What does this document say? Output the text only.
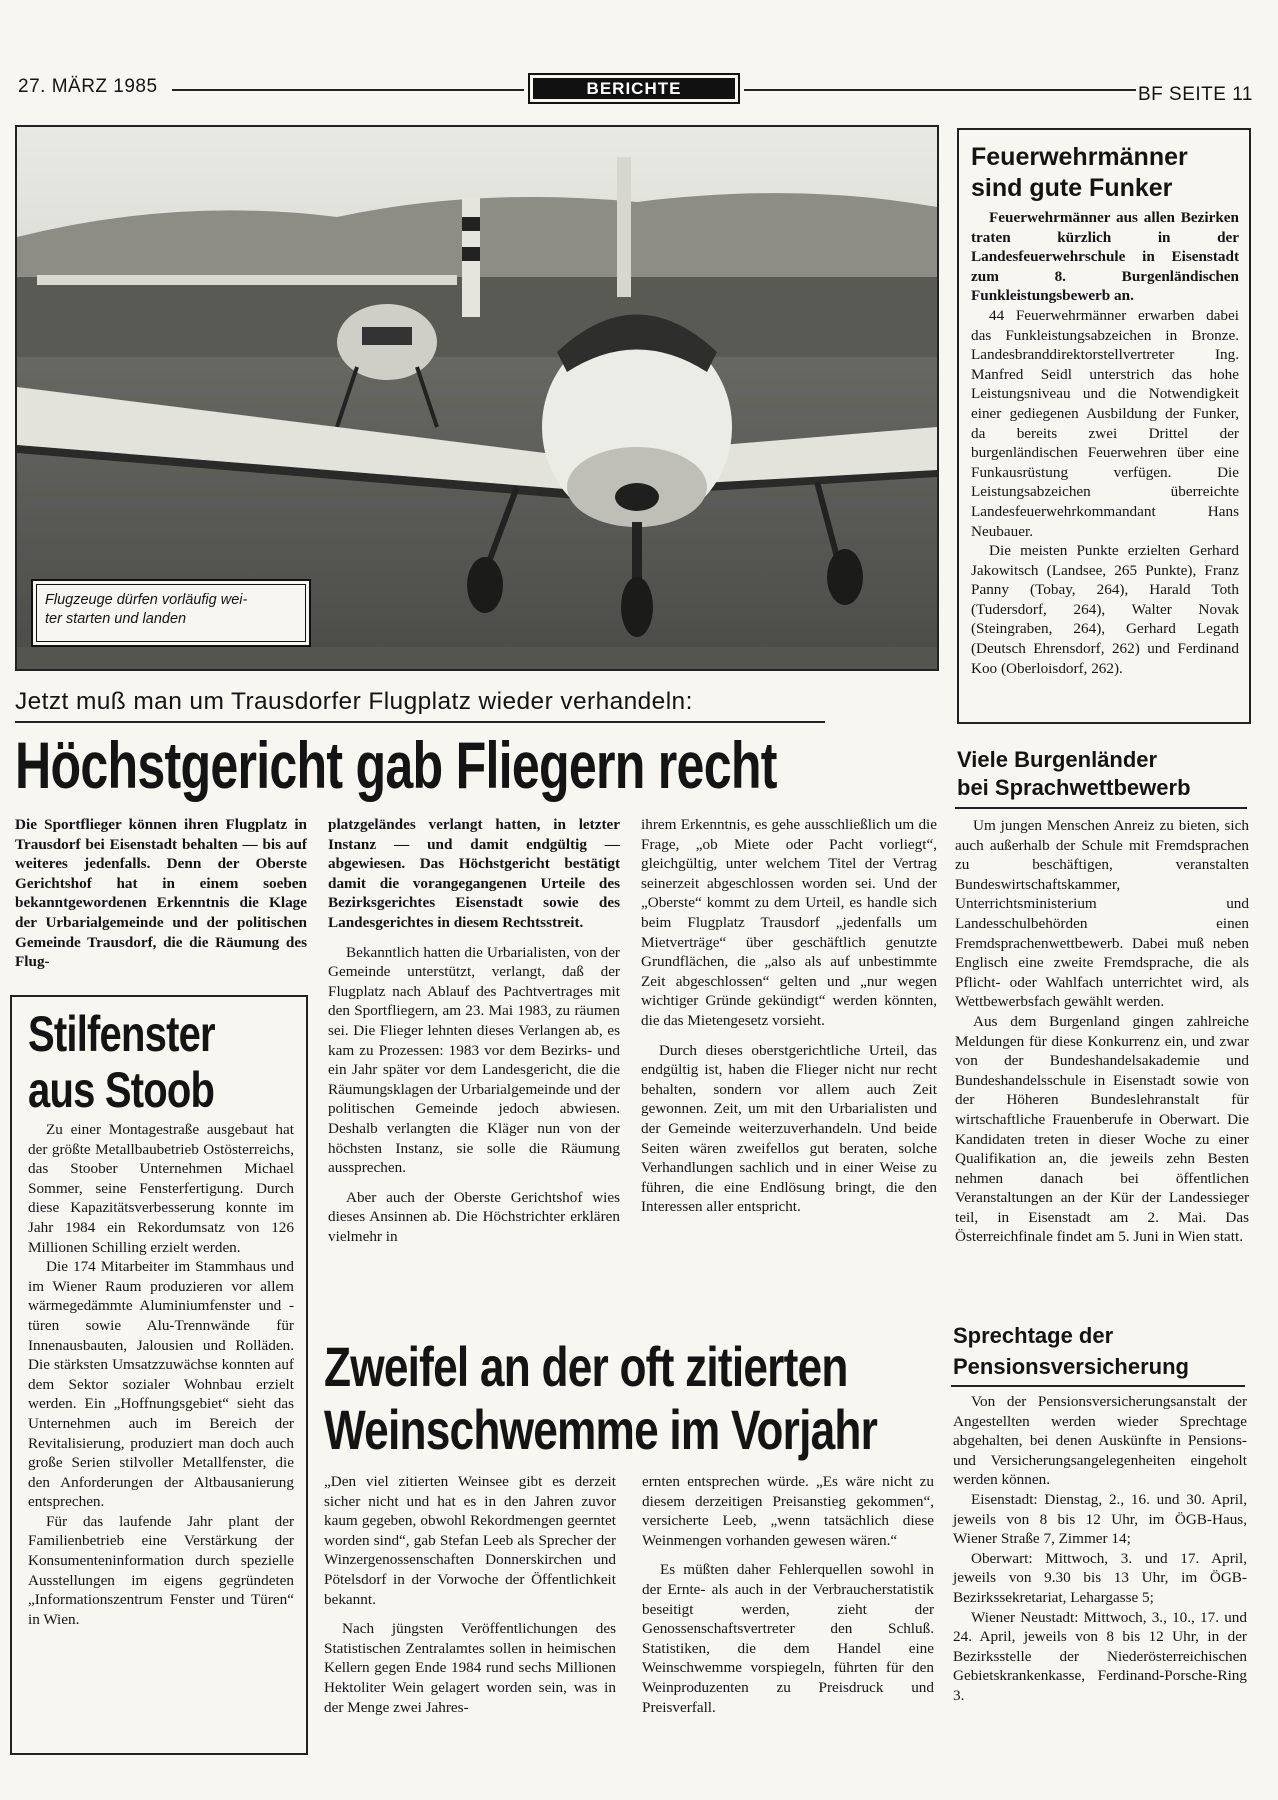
27. MÄRZ 1985	BERICHTE	BF SEITE 11
Flugzeuge dürfen vorläufig wei-
ter starten und landen
Jetzt muß man um Trausdorfer Flugplatz wieder verhandeln:
Höchstgericht gab Fliegern recht

Die Sportflieger können ihren Flugplatz in Trausdorf bei Eisenstadt behalten — bis auf weiteres jedenfalls. Denn der Oberste Gerichtshof hat in einem soeben bekanntgewordenen Erkenntnis die Klage der Urbarialgemeinde und der politischen Gemeinde Trausdorf, die die Räumung des Flug-

platzgeländes verlangt hatten, in letzter Instanz — und damit endgültig — abgewiesen. Das Höchstgericht bestätigt damit die vorangegangenen Urteile des Bezirksgerichtes Eisenstadt sowie des Landesgerichtes in diesem Rechtsstreit.

Bekanntlich hatten die Urbarialisten, von der Gemeinde unterstützt, verlangt, daß der Flugplatz nach Ablauf des Pachtvertrages mit den Sportfliegern, am 23. Mai 1983, zu räumen sei. Die Flieger lehnten dieses Verlangen ab, es kam zu Prozessen: 1983 vor dem Bezirks- und ein Jahr später vor dem Landesgericht, die die Räumungsklagen der Urbarialgemeinde und der politischen Gemeinde jedoch abwiesen. Deshalb verlangten die Kläger nun von der höchsten Instanz, sie solle die Räumung aussprechen.

Aber auch der Oberste Gerichtshof wies dieses Ansinnen ab. Die Höchstrichter erklären vielmehr in

ihrem Erkenntnis, es gehe ausschließlich um die Frage, „ob Miete oder Pacht vorliegt“, gleichgültig, unter welchem Titel der Vertrag seinerzeit abgeschlossen worden sei. Und der „Oberste“ kommt zu dem Urteil, es handle sich beim Flugplatz Trausdorf „jedenfalls um Mietverträge“ über geschäftlich genutzte Grundflächen, die „also als auf unbestimmte Zeit abgeschlossen“ gelten und „nur wegen wichtiger Gründe gekündigt“ werden könnten, die das Mietengesetz vorsieht.

Durch dieses oberstgerichtliche Urteil, das endgültig ist, haben die Flieger nicht nur recht behalten, sondern vor allem auch Zeit gewonnen. Zeit, um mit den Urbarialisten und der Gemeinde weiterzuverhandeln. Und beide Seiten wären zweifellos gut beraten, solche Verhandlungen sachlich und in einer Weise zu führen, die eine Endlösung bringt, die den Interessen aller entspricht.

Stilfenster
aus Stoob

Zu einer Montagestraße ausgebaut hat der größte Metallbaubetrieb Ostösterreichs, das Stoober Unternehmen Michael Sommer, seine Fensterfertigung. Durch diese Kapazitätsverbesserung konnte im Jahr 1984 ein Rekordumsatz von 126 Millionen Schilling erzielt werden.

Die 174 Mitarbeiter im Stammhaus und im Wiener Raum produzieren vor allem wärmegedämmte Aluminiumfenster und -türen sowie Alu-Trennwände für Innenausbauten, Jalousien und Rolläden. Die stärksten Umsatzzuwächse konnten auf dem Sektor sozialer Wohnbau erzielt werden. Ein „Hoffnungsgebiet“ sieht das Unternehmen auch im Bereich der Revitalisierung, produziert man doch auch große Serien stilvoller Metallfenster, die den Anforderungen der Altbausanierung entsprechen.

Für das laufende Jahr plant der Familienbetrieb eine Verstärkung der Konsumenteninformation durch spezielle Ausstellungen im eigens gegründeten „Informationszentrum Fenster und Türen“ in Wien.

Zweifel an der oft zitierten
Weinschwemme im Vorjahr

„Den viel zitierten Weinsee gibt es derzeit sicher nicht und hat es in den Jahren zuvor kaum gegeben, obwohl Rekordmengen geerntet worden sind“, gab Stefan Leeb als Sprecher der Winzergenossenschaften Donnerskirchen und Pötelsdorf in der Vorwoche der Öffentlichkeit bekannt.

Nach jüngsten Veröffentlichungen des Statistischen Zentralamtes sollen in heimischen Kellern gegen Ende 1984 rund sechs Millionen Hektoliter Wein gelagert worden sein, was in der Menge zwei Jahres-

ernten entsprechen würde. „Es wäre nicht zu diesem derzeitigen Preisanstieg gekommen“, versicherte Leeb, „wenn tatsächlich diese Weinmengen vorhanden gewesen wären.“

Es müßten daher Fehlerquellen sowohl in der Ernte- als auch in der Verbraucherstatistik beseitigt werden, zieht der Genossenschaftsvertreter den Schluß. Statistiken, die dem Handel eine Weinschwemme vorspiegeln, führten für den Weinproduzenten zu Preisdruck und Preisverfall.

Feuerwehrmänner
sind gute Funker

Feuerwehrmänner aus allen Bezirken traten kürzlich in der Landesfeuerwehrschule in Eisenstadt zum 8. Burgenländischen Funkleistungsbewerb an.

44 Feuerwehrmänner erwarben dabei das Funkleistungsabzeichen in Bronze. Landesbranddirektorstellvertreter Ing. Manfred Seidl unterstrich das hohe Leistungsniveau und die Notwendigkeit einer gediegenen Ausbildung der Funker, da bereits zwei Drittel der burgenländischen Feuerwehren über eine Funkausrüstung verfügen. Die Leistungsabzeichen überreichte Landesfeuerwehrkommandant Hans Neubauer.

Die meisten Punkte erzielten Gerhard Jakowitsch (Landsee, 265 Punkte), Franz Panny (Tobay, 264), Harald Toth (Tudersdorf, 264), Walter Novak (Steingraben, 264), Gerhard Legath (Deutsch Ehrensdorf, 262) und Ferdinand Koo (Oberloisdorf, 262).

Viele Burgenländer
bei Sprachwettbewerb

Um jungen Menschen Anreiz zu bieten, sich auch außerhalb der Schule mit Fremdsprachen zu beschäftigen, veranstalten Bundeswirtschaftskammer, Unterrichtsministerium und Landesschulbehörden einen Fremdsprachenwettbewerb. Dabei muß neben Englisch eine zweite Fremdsprache, die als Pflicht- oder Wahlfach unterrichtet wird, als Wettbewerbsfach gewählt werden.

Aus dem Burgenland gingen zahlreiche Meldungen für diese Konkurrenz ein, und zwar von der Bundeshandelsakademie und Bundeshandelsschule in Eisenstadt sowie von der Höheren Bundeslehranstalt für wirtschaftliche Frauenberufe in Oberwart. Die Kandidaten treten in dieser Woche zu einer Qualifikation an, die jeweils zehn Besten nehmen danach bei öffentlichen Veranstaltungen an der Kür der Landessieger teil, in Eisenstadt am 2. Mai. Das Österreichfinale findet am 5. Juni in Wien statt.

Sprechtage der
Pensionsversicherung

Von der Pensionsversicherungsanstalt der Angestellten werden wieder Sprechtage abgehalten, bei denen Auskünfte in Pensions- und Versicherungsangelegenheiten eingeholt werden können.

Eisenstadt: Dienstag, 2., 16. und 30. April, jeweils von 8 bis 12 Uhr, im ÖGB-Haus, Wiener Straße 7, Zimmer 14;

Oberwart: Mittwoch, 3. und 17. April, jeweils von 9.30 bis 13 Uhr, im ÖGB-Bezirkssekretariat, Lehargasse 5;

Wiener Neustadt: Mittwoch, 3., 10., 17. und 24. April, jeweils von 8 bis 12 Uhr, in der Bezirksstelle der Niederösterreichischen Gebietskrankenkasse, Ferdinand-Porsche-Ring 3.
